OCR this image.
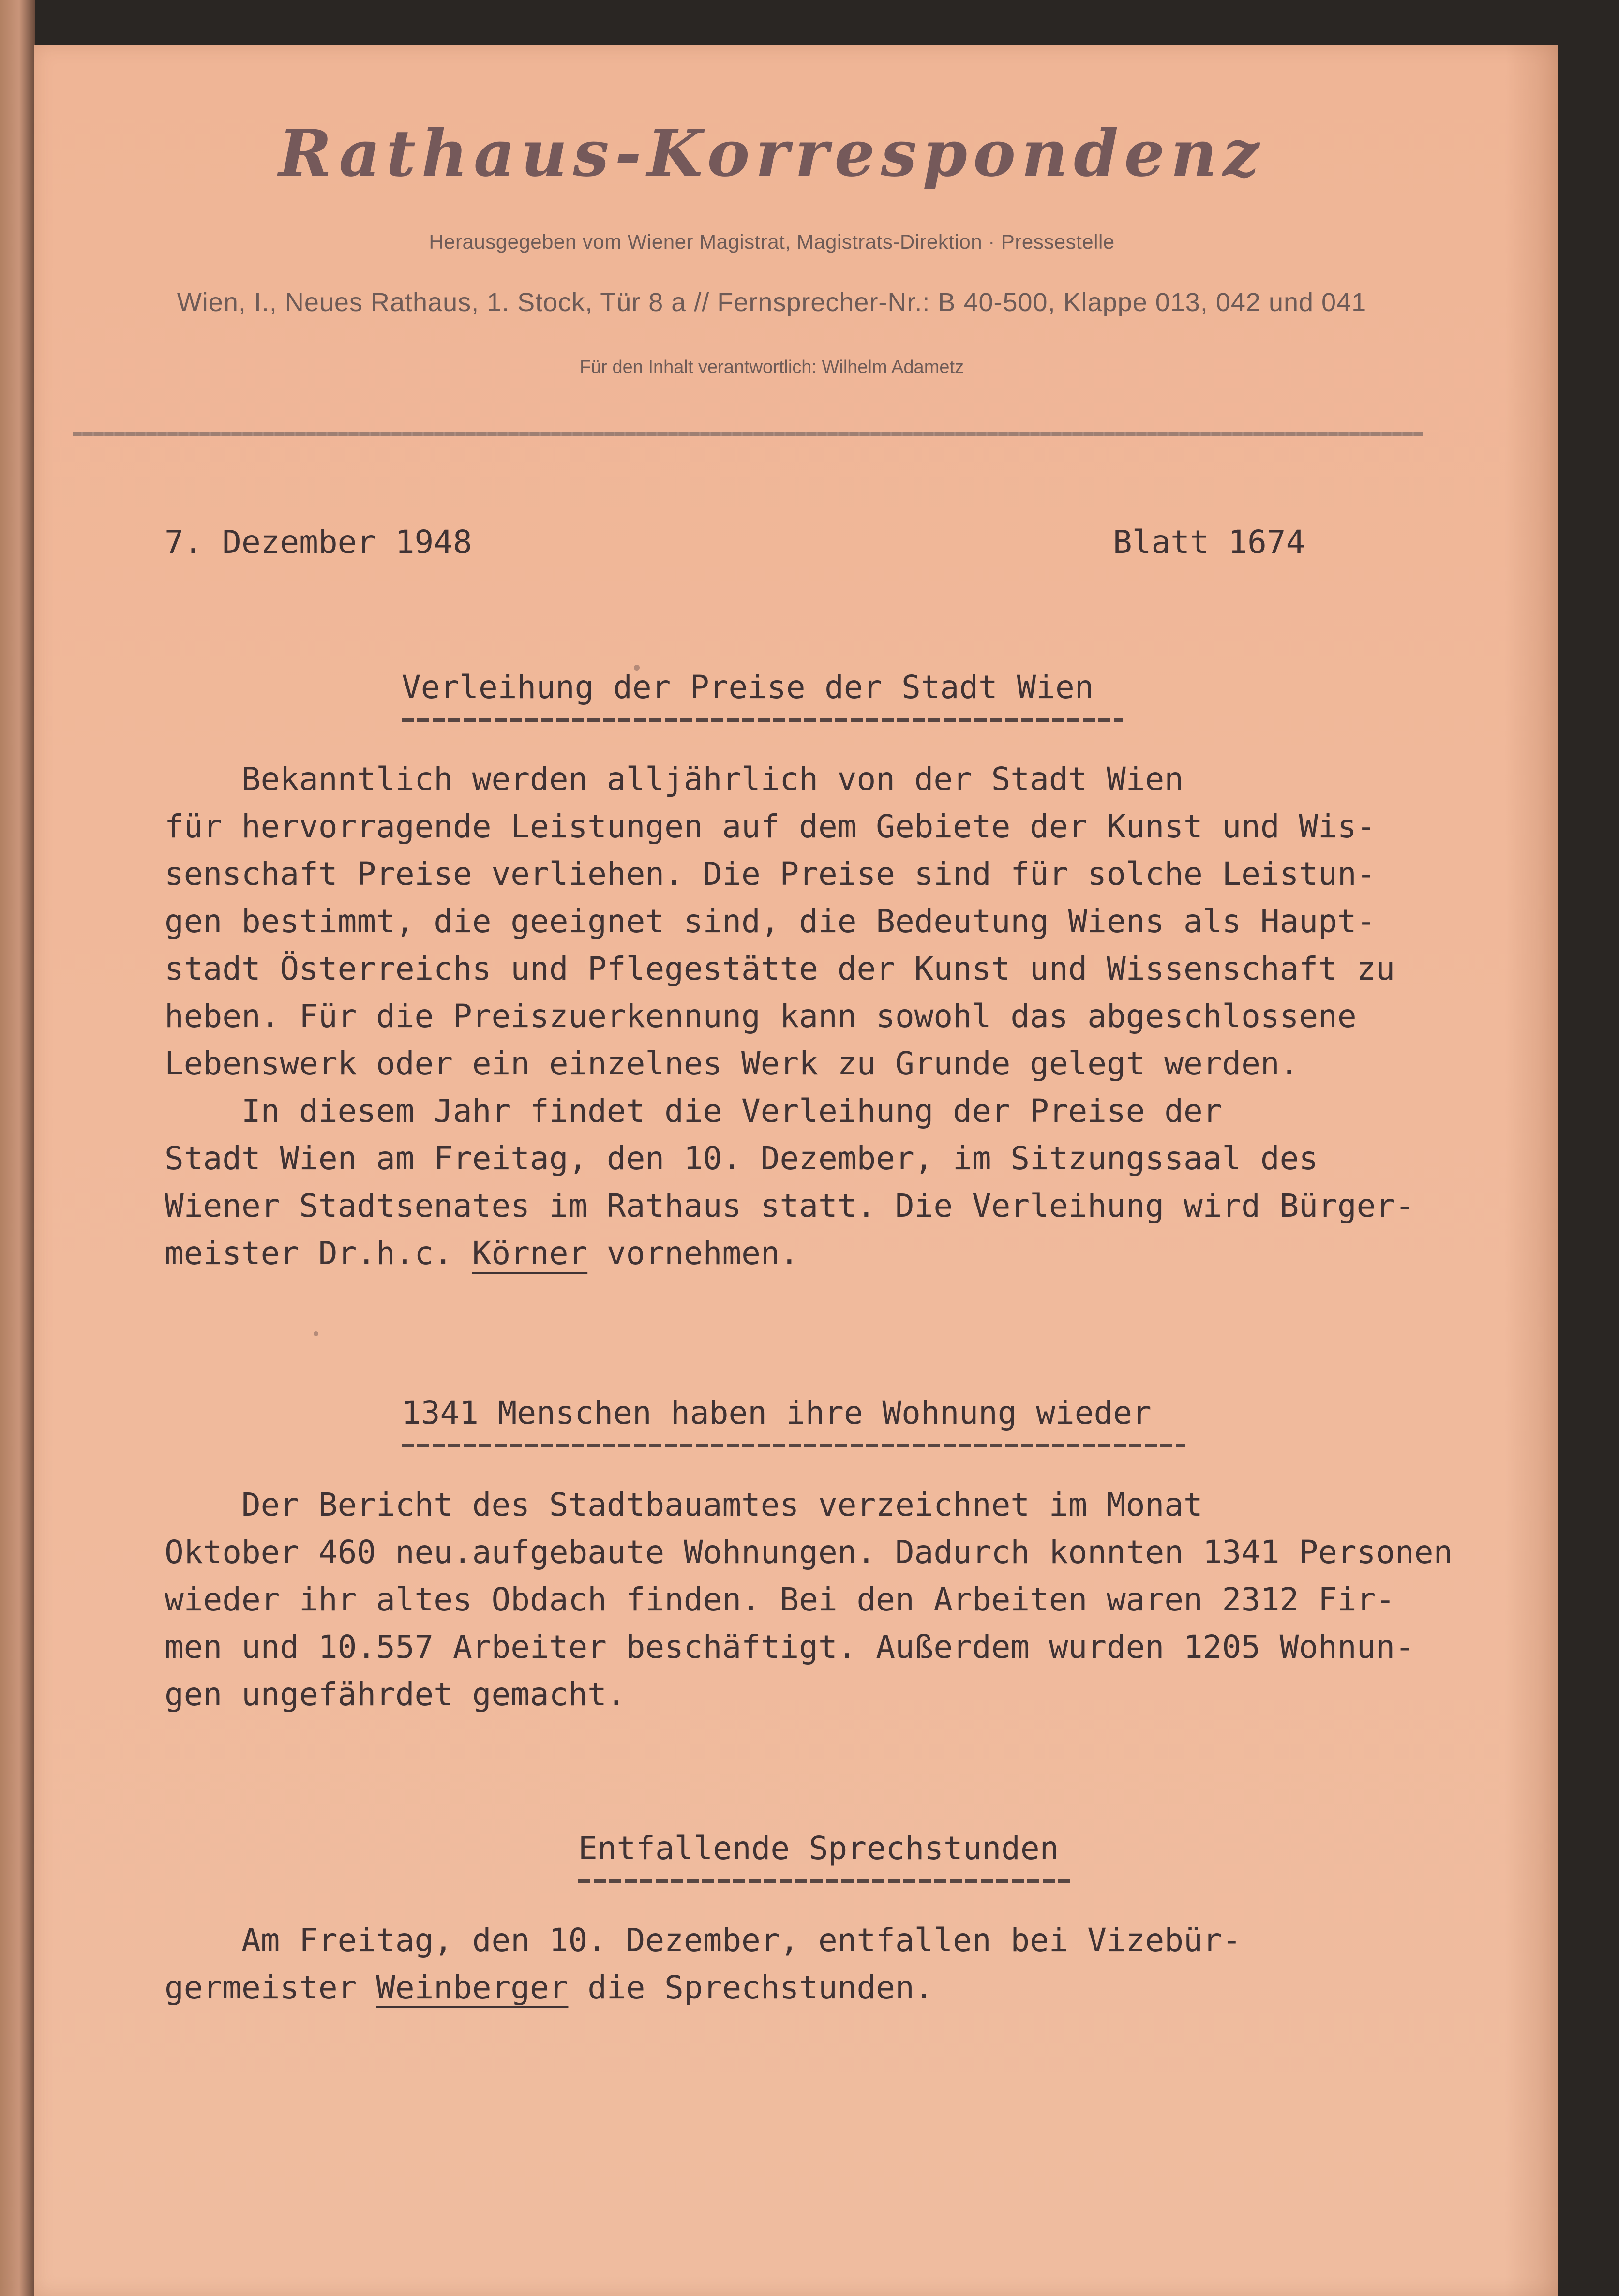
Rathaus-Korrespondenz
Herausgegeben vom Wiener Magistrat, Magistrats-Direktion · Pressestelle
Wien, I., Neues Rathaus, 1. Stock, Tür 8 a // Fernsprecher-Nr.: B 40-500, Klappe 013, 042 und 041
Für den Inhalt verantwortlich: Wilhelm Adametz
7. Dezember 1948	Blatt 1674
Verleihung der Preise der Stadt Wien
Bekanntlich werden alljährlich von der Stadt Wien
für hervorragende Leistungen auf dem Gebiete der Kunst und Wis-
senschaft Preise verliehen. Die Preise sind für solche Leistun-
gen bestimmt, die geeignet sind, die Bedeutung Wiens als Haupt-
stadt Österreichs und Pflegestätte der Kunst und Wissenschaft zu
heben. Für die Preiszuerkennung kann sowohl das abgeschlossene
Lebenswerk oder ein einzelnes Werk zu Grunde gelegt werden.
In diesem Jahr findet die Verleihung der Preise der
Stadt Wien am Freitag, den 10. Dezember, im Sitzungssaal des
Wiener Stadtsenates im Rathaus statt. Die Verleihung wird Bürger-
meister Dr.h.c. Körner vornehmen.
1341 Menschen haben ihre Wohnung wieder
Der Bericht des Stadtbauamtes verzeichnet im Monat
Oktober 460 neu.aufgebaute Wohnungen. Dadurch konnten 1341 Personen
wieder ihr altes Obdach finden. Bei den Arbeiten waren 2312 Fir-
men und 10.557 Arbeiter beschäftigt. Außerdem wurden 1205 Wohnun-
gen ungefährdet gemacht.
Entfallende Sprechstunden
Am Freitag, den 10. Dezember, entfallen bei Vizebür-
germeister Weinberger die Sprechstunden.
